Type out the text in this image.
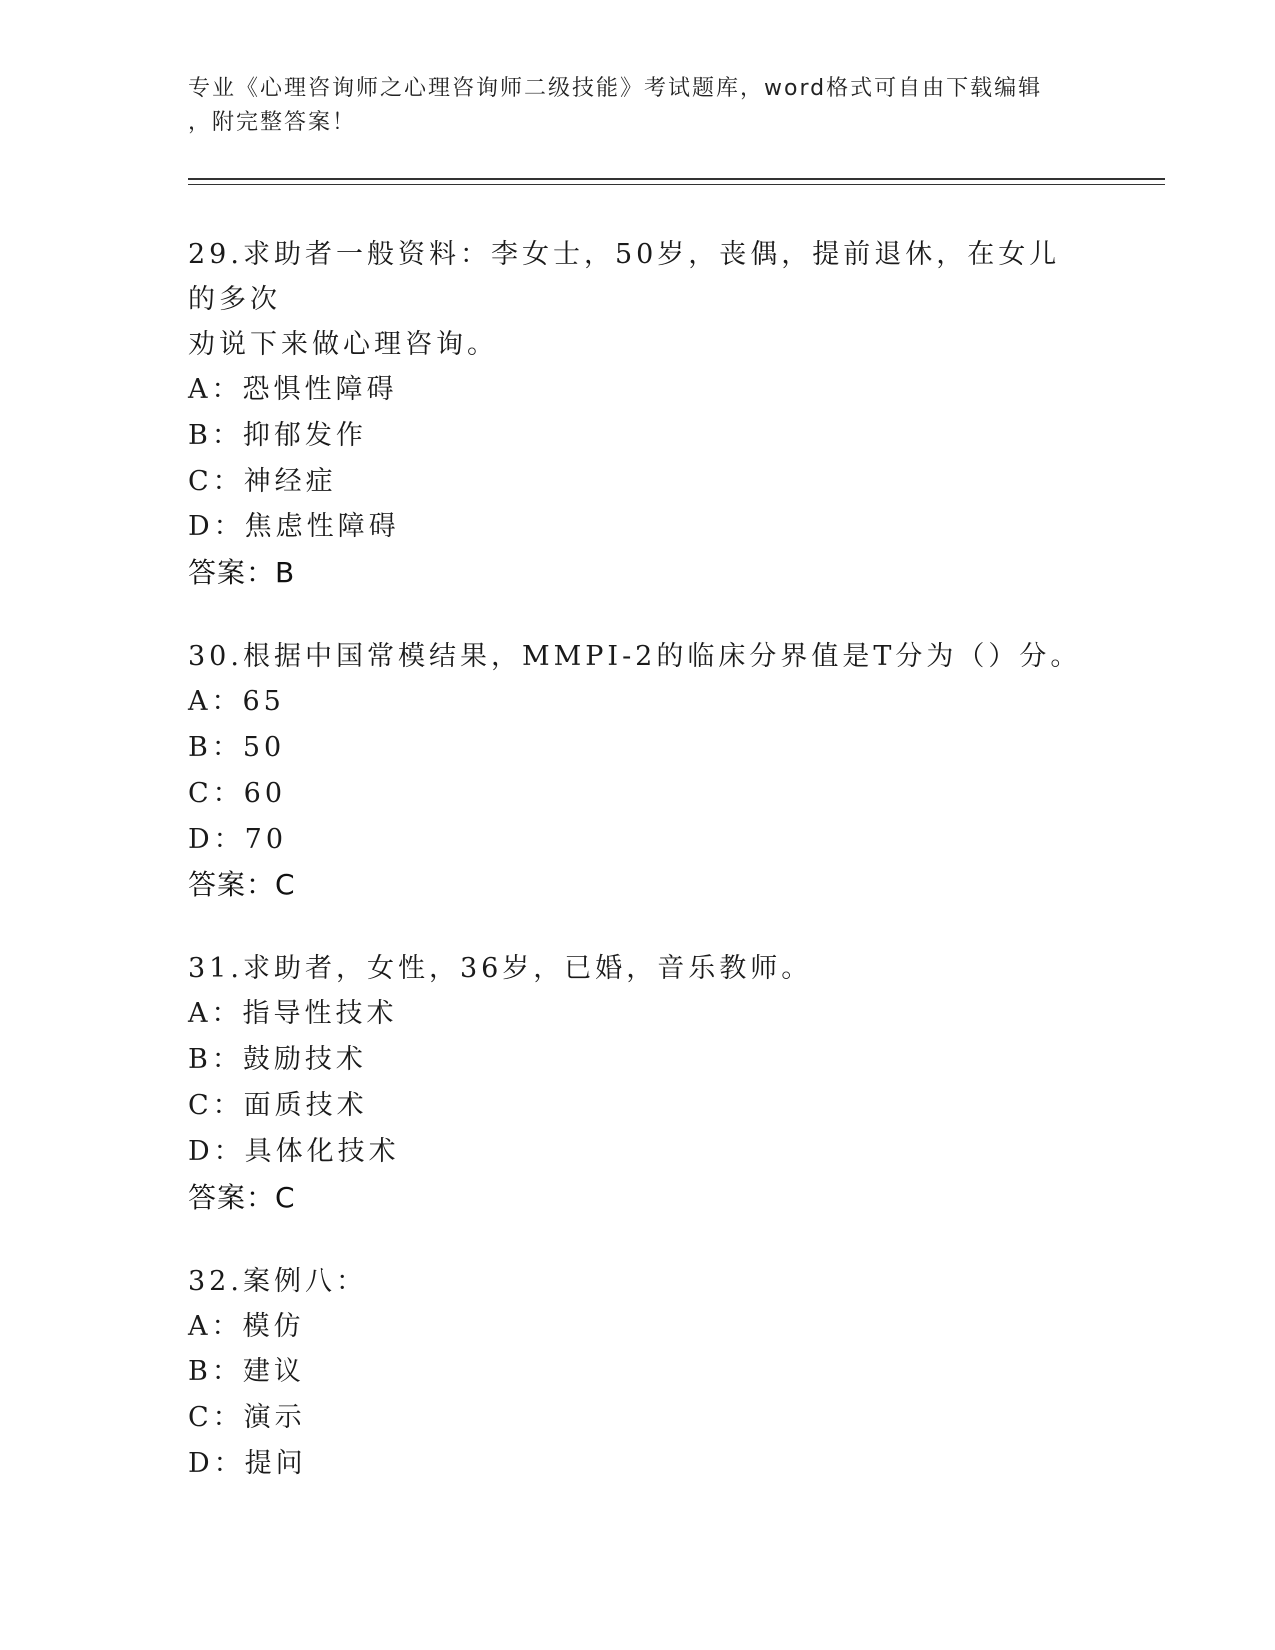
专业《心理咨询师之心理咨询师二级技能》考试题库，word格式可自由下载编辑
，附完整答案！

29.求助者一般资料：李女士，50岁，丧偶，提前退休，在女儿的多次

劝说下来做心理咨询。

A：恐惧性障碍

B：抑郁发作

C：神经症

D：焦虑性障碍

答案：B

30.根据中国常模结果，MMPI-2的临床分界值是T分为（）分。

A：65

B：50

C：60

D：70

答案：C

31.求助者，女性，36岁，已婚，音乐教师。

A：指导性技术

B：鼓励技术

C：面质技术

D：具体化技术

答案：C

32.案例八：

A：模仿

B：建议

C：演示

D：提问
